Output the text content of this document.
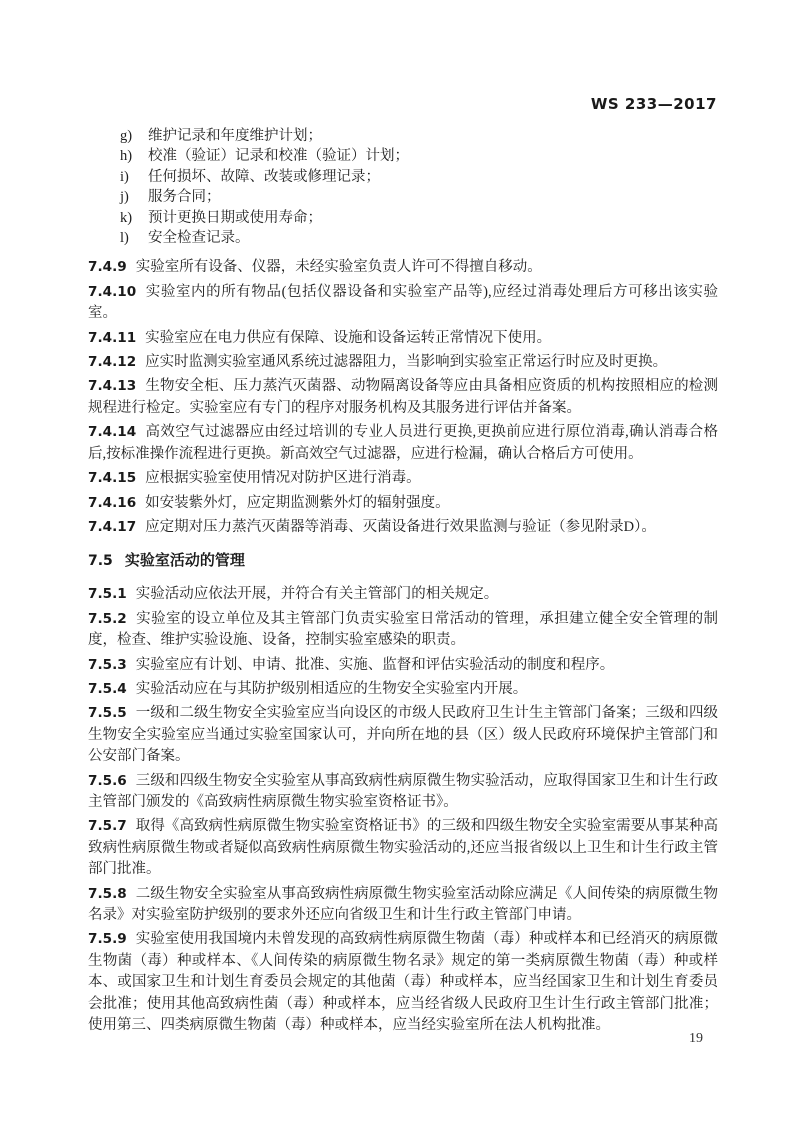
WS 233—2017
g)	维护记录和年度维护计划；
h)	校准（验证）记录和校准（验证）计划；
i)	任何损坏、故障、改装或修理记录；
j)	服务合同；
k)	预计更换日期或使用寿命；
l)	安全检查记录。

7.4.9 实验室所有设备、仪器，未经实验室负责人许可不得擅自移动。

7.4.10 实验室内的所有物品(包括仪器设备和实验室产品等),应经过消毒处理后方可移出该实验室。

7.4.11 实验室应在电力供应有保障、设施和设备运转正常情况下使用。

7.4.12 应实时监测实验室通风系统过滤器阻力，当影响到实验室正常运行时应及时更换。

7.4.13 生物安全柜、压力蒸汽灭菌器、动物隔离设备等应由具备相应资质的机构按照相应的检测规程进行检定。实验室应有专门的程序对服务机构及其服务进行评估并备案。

7.4.14 高效空气过滤器应由经过培训的专业人员进行更换,更换前应进行原位消毒,确认消毒合格后,按标准操作流程进行更换。新高效空气过滤器，应进行检漏，确认合格后方可使用。

7.4.15 应根据实验室使用情况对防护区进行消毒。

7.4.16 如安装紫外灯，应定期监测紫外灯的辐射强度。

7.4.17 应定期对压力蒸汽灭菌器等消毒、灭菌设备进行效果监测与验证（参见附录D）。

7.5 实验室活动的管理

7.5.1 实验活动应依法开展，并符合有关主管部门的相关规定。

7.5.2 实验室的设立单位及其主管部门负责实验室日常活动的管理，承担建立健全安全管理的制度，检查、维护实验设施、设备，控制实验室感染的职责。

7.5.3 实验室应有计划、申请、批准、实施、监督和评估实验活动的制度和程序。

7.5.4 实验活动应在与其防护级别相适应的生物安全实验室内开展。

7.5.5 一级和二级生物安全实验室应当向设区的市级人民政府卫生计生主管部门备案；三级和四级生物安全实验室应当通过实验室国家认可，并向所在地的县（区）级人民政府环境保护主管部门和公安部门备案。

7.5.6 三级和四级生物安全实验室从事高致病性病原微生物实验活动，应取得国家卫生和计生行政主管部门颁发的《高致病性病原微生物实验室资格证书》。

7.5.7 取得《高致病性病原微生物实验室资格证书》的三级和四级生物安全实验室需要从事某种高致病性病原微生物或者疑似高致病性病原微生物实验活动的,还应当报省级以上卫生和计生行政主管部门批准。

7.5.8 二级生物安全实验室从事高致病性病原微生物实验室活动除应满足《人间传染的病原微生物名录》对实验室防护级别的要求外还应向省级卫生和计生行政主管部门申请。

7.5.9 实验室使用我国境内未曾发现的高致病性病原微生物菌（毒）种或样本和已经消灭的病原微生物菌（毒）种或样本、《人间传染的病原微生物名录》规定的第一类病原微生物菌（毒）种或样本、或国家卫生和计划生育委员会规定的其他菌（毒）种或样本，应当经国家卫生和计划生育委员会批准；使用其他高致病性菌（毒）种或样本，应当经省级人民政府卫生计生行政主管部门批准；使用第三、四类病原微生物菌（毒）种或样本，应当经实验室所在法人机构批准。

19
